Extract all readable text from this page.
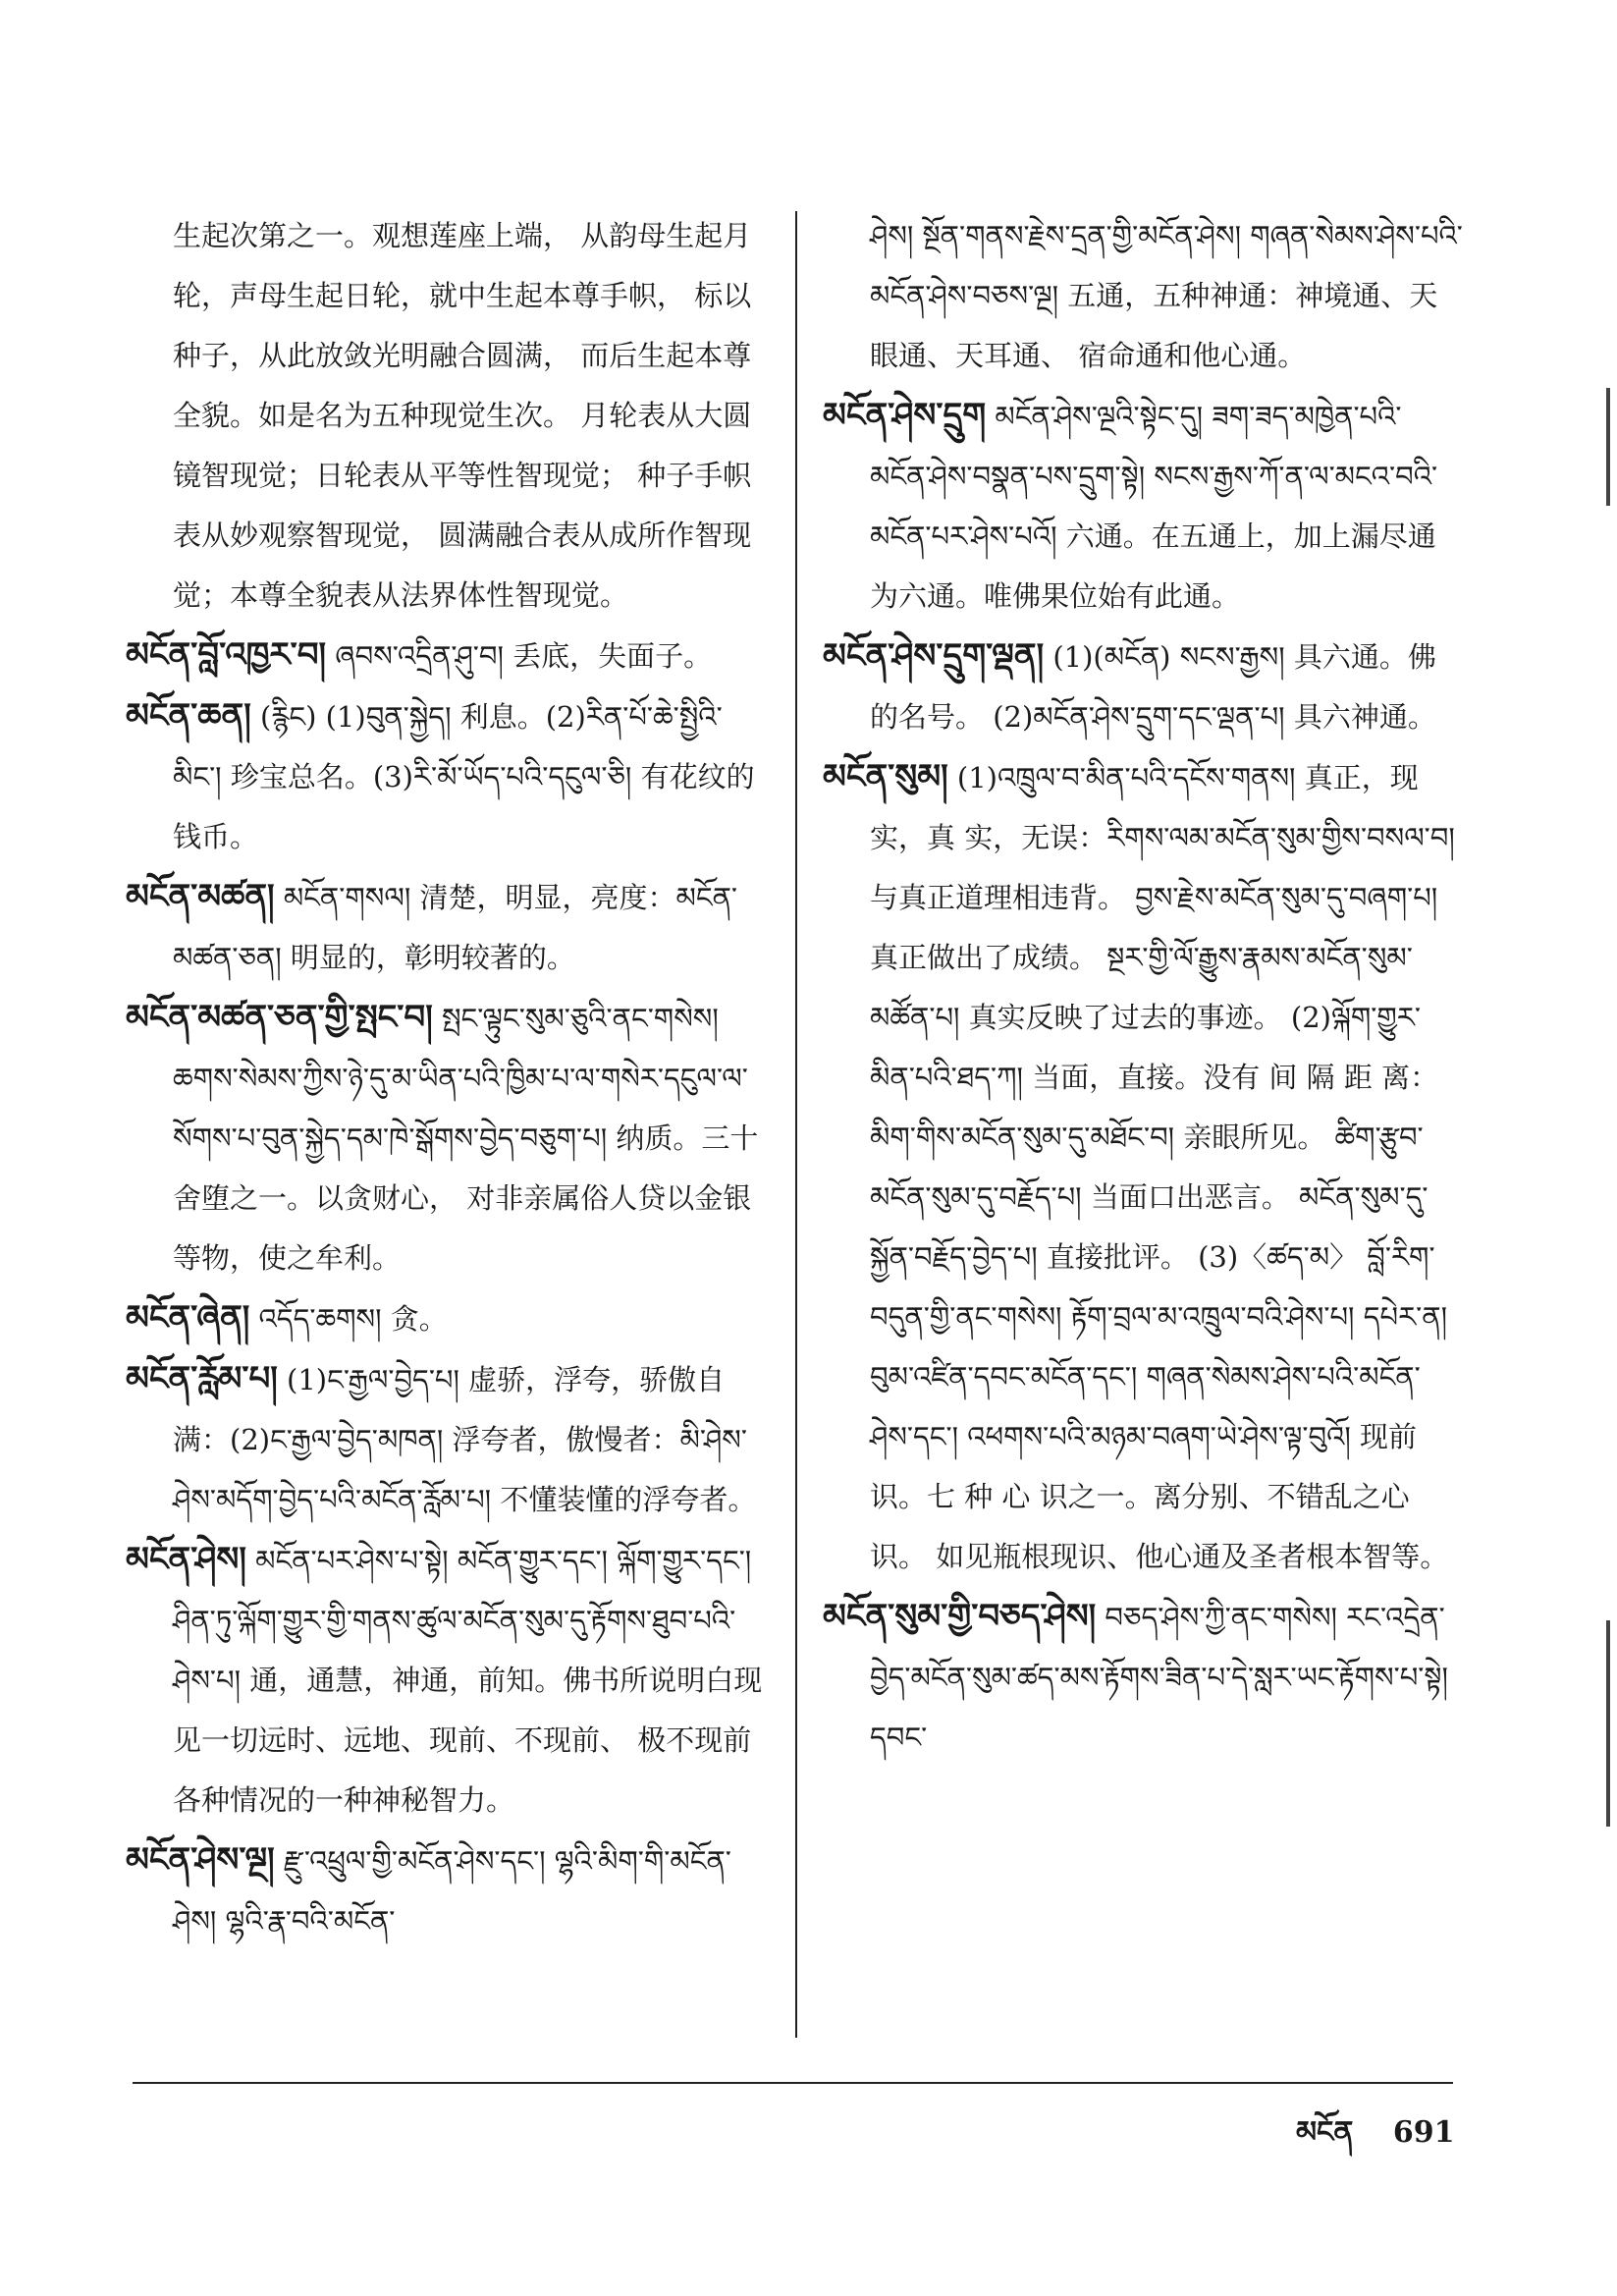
生起次第之一。观想莲座上端， 从韵母生起月轮，声母生起日轮，就中生起本尊手帜， 标以种子，从此放敛光明融合圆满， 而后生起本尊全貌。如是名为五种现觉生次。 月轮表从大圆镜智现觉；日轮表从平等性智现觉； 种子手帜表从妙观察智现觉， 圆满融合表从成所作智现觉；本尊全貌表从法界体性智现觉。

མངོན་བློ་འཁྱར་བ། ཞབས་འདྲིན་ཤུ་བ། 丢底，失面子。

མངོན་ཆན། (རྙིང) (1)བུན་སྐྱེད། 利息。(2)རིན་པོ་ཆེ་སྤྱིའི་མིང་། 珍宝总名。(3)རི་མོ་ཡོད་པའི་དངུལ་ཅི། 有花纹的钱币。

མངོན་མཚན། མངོན་གསལ། 清楚，明显，亮度：མངོན་མཚན་ཅན། 明显的，彰明较著的。

མངོན་མཚན་ཅན་གྱི་སྤང་བ། སྤང་ལྟུང་སུམ་ཅུའི་ནང་གསེས། ཆགས་སེམས་ཀྱིས་ཉེ་དུ་མ་ཡིན་པའི་ཁྱིམ་པ་ལ་གསེར་དངུལ་ལ་སོགས་པ་བུན་སྐྱེད་དམ་ཁེ་སྒོགས་བྱེད་བཅུག་པ། 纳质。三十舍堕之一。以贪财心， 对非亲属俗人贷以金银等物，使之牟利。

མངོན་ཞེན། འདོད་ཆགས། 贪。

མངོན་རློམ་པ། (1)ང་རྒྱལ་བྱེད་པ། 虚骄，浮夸，骄傲自满：(2)ང་རྒྱལ་བྱེད་མཁན། 浮夸者，傲慢者：མི་ཤེས་ཤེས་མདོག་བྱེད་པའི་མངོན་རློམ་པ། 不懂装懂的浮夸者。

མངོན་ཤེས། མངོན་པར་ཤེས་པ་སྟེ། མངོན་གྱུར་དང་། ལྐོག་གྱུར་དང་། ཤིན་ཏུ་ལྐོག་གྱུར་གྱི་གནས་ཚུལ་མངོན་སུམ་དུ་རྟོགས་ཐུབ་པའི་ཤེས་པ། 通，通慧，神通，前知。佛书所说明白现见一切远时、远地、现前、不现前、 极不现前各种情况的一种神秘智力。

མངོན་ཤེས་ལྔ། རྫུ་འཕྲུལ་གྱི་མངོན་ཤེས་དང་། ལྷའི་མིག་གི་མངོན་ཤེས། ལྷའི་རྣ་བའི་མངོན་

ཤེས། སྔོན་གནས་རྗེས་དྲན་གྱི་མངོན་ཤེས། གཞན་སེམས་ཤེས་པའི་མངོན་ཤེས་བཅས་ལྔ། 五通，五种神通：神境通、天眼通、天耳通、 宿命通和他心通。

མངོན་ཤེས་དྲུག མངོན་ཤེས་ལྔའི་སྟེང་དུ། ཟག་ཟད་མཁྱེན་པའི་མངོན་ཤེས་བསྣན་པས་དྲུག་སྟེ། སངས་རྒྱས་ཀོ་ན་ལ་མངའ་བའི་མངོན་པར་ཤེས་པའོ། 六通。在五通上，加上漏尽通为六通。唯佛果位始有此通。

མངོན་ཤེས་དྲུག་ལྡན། (1)(མངོན) སངས་རྒྱས། 具六通。佛的名号。 (2)མངོན་ཤེས་དྲུག་དང་ལྡན་པ། 具六神通。

མངོན་སུམ། (1)འཁྲུལ་བ་མིན་པའི་དངོས་གནས། 真正，现实，真 实，无误：རིགས་ལམ་མངོན་སུམ་གྱིས་བསལ་བ། 与真正道理相违背。 བྱས་རྗེས་མངོན་སུམ་དུ་བཞག་པ། 真正做出了成绩。 སྔར་གྱི་ལོ་རྒྱུས་རྣམས་མངོན་སུམ་མཚོན་པ། 真实反映了过去的事迹。 (2)ལྐོག་གྱུར་མིན་པའི་ཐད་ཀ། 当面，直接。没有 间 隔 距 离：མིག་གིས་མངོན་སུམ་དུ་མཐོང་བ། 亲眼所见。 ཚིག་རྩུབ་མངོན་སུམ་དུ་བརྗོད་པ། 当面口出恶言。 མངོན་སུམ་དུ་སྐྱོན་བརྗོད་བྱེད་པ། 直接批评。 (3)〈ཚད་མ〉 བློ་རིག་བདུན་གྱི་ནང་གསེས། རྟོག་བྲལ་མ་འཁྲུལ་བའི་ཤེས་པ། དཔེར་ན། བུམ་འཛིན་དབང་མངོན་དང་། གཞན་སེམས་ཤེས་པའི་མངོན་ ཤེས་དང་། འཕགས་པའི་མཉམ་བཞག་ཡེ་ཤེས་ལྟ་བུའོ། 现前识。七 种 心 识之一。离分别、不错乱之心识。 如见瓶根现识、他心通及圣者根本智等。

མངོན་སུམ་གྱི་བཅད་ཤེས། བཅད་ཤེས་ཀྱི་ནང་གསེས། རང་འདྲེན་བྱེད་མངོན་སུམ་ཚད་མས་རྟོགས་ཟིན་པ་དེ་སླར་ཡང་རྟོགས་པ་སྟེ། དབང་

མངོན 691
